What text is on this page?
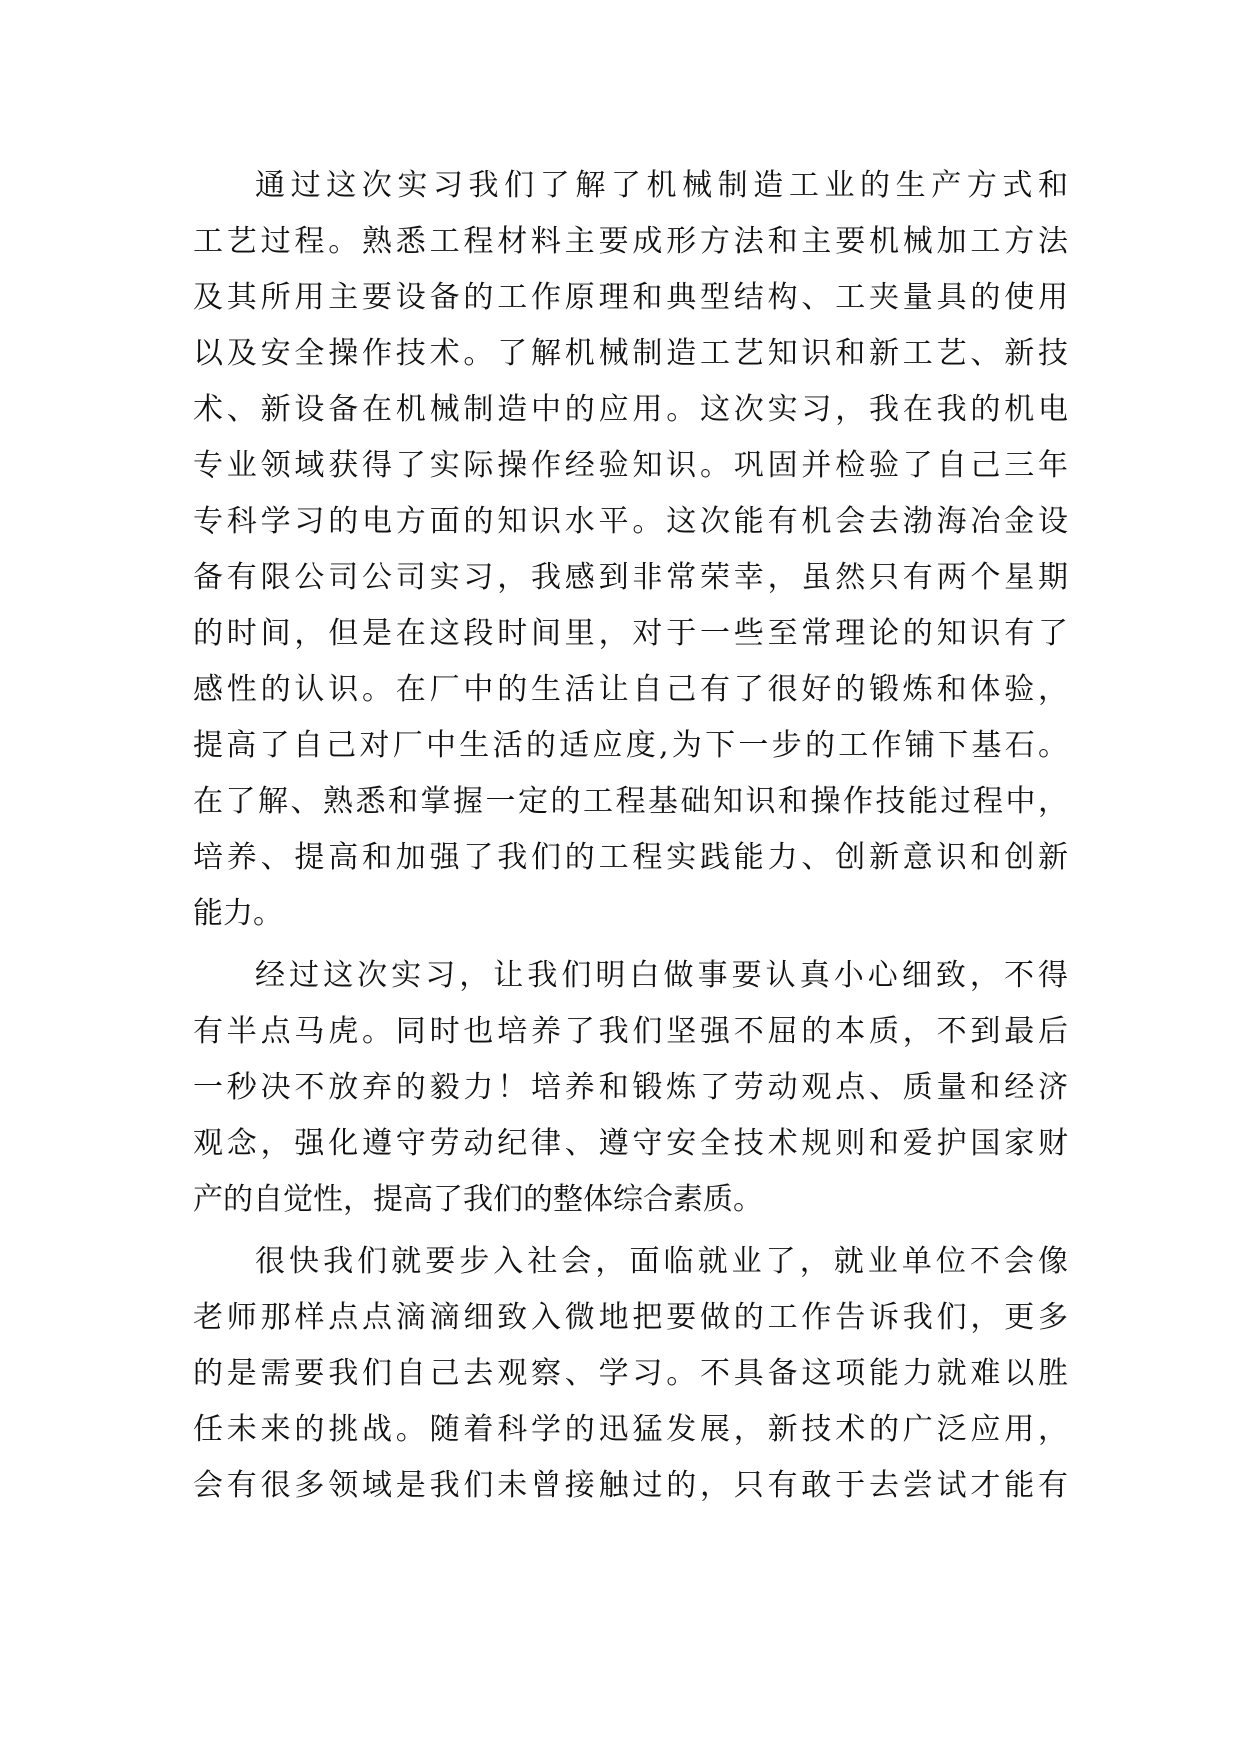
通过这次实习我们了解了机械制造工业的生产方式和
工艺过程。熟悉工程材料主要成形方法和主要机械加工方法
及其所用主要设备的工作原理和典型结构、工夹量具的使用
以及安全操作技术。了解机械制造工艺知识和新工艺、新技
术、新设备在机械制造中的应用。这次实习，我在我的机电
专业领域获得了实际操作经验知识。巩固并检验了自己三年
专科学习的电方面的知识水平。这次能有机会去渤海冶金设
备有限公司公司实习，我感到非常荣幸，虽然只有两个星期
的时间，但是在这段时间里，对于一些至常理论的知识有了
感性的认识。在厂中的生活让自己有了很好的锻炼和体验，
提高了自己对厂中生活的适应度,为下一步的工作铺下基石。
在了解、熟悉和掌握一定的工程基础知识和操作技能过程中，
培养、提高和加强了我们的工程实践能力、创新意识和创新
能力。
经过这次实习，让我们明白做事要认真小心细致，不得
有半点马虎。同时也培养了我们坚强不屈的本质，不到最后
一秒决不放弃的毅力！培养和锻炼了劳动观点、质量和经济
观念，强化遵守劳动纪律、遵守安全技术规则和爱护国家财
产的自觉性，提高了我们的整体综合素质。
很快我们就要步入社会，面临就业了，就业单位不会像
老师那样点点滴滴细致入微地把要做的工作告诉我们，更多
的是需要我们自己去观察、学习。不具备这项能力就难以胜
任未来的挑战。随着科学的迅猛发展，新技术的广泛应用，
会有很多领域是我们未曾接触过的，只有敢于去尝试才能有
